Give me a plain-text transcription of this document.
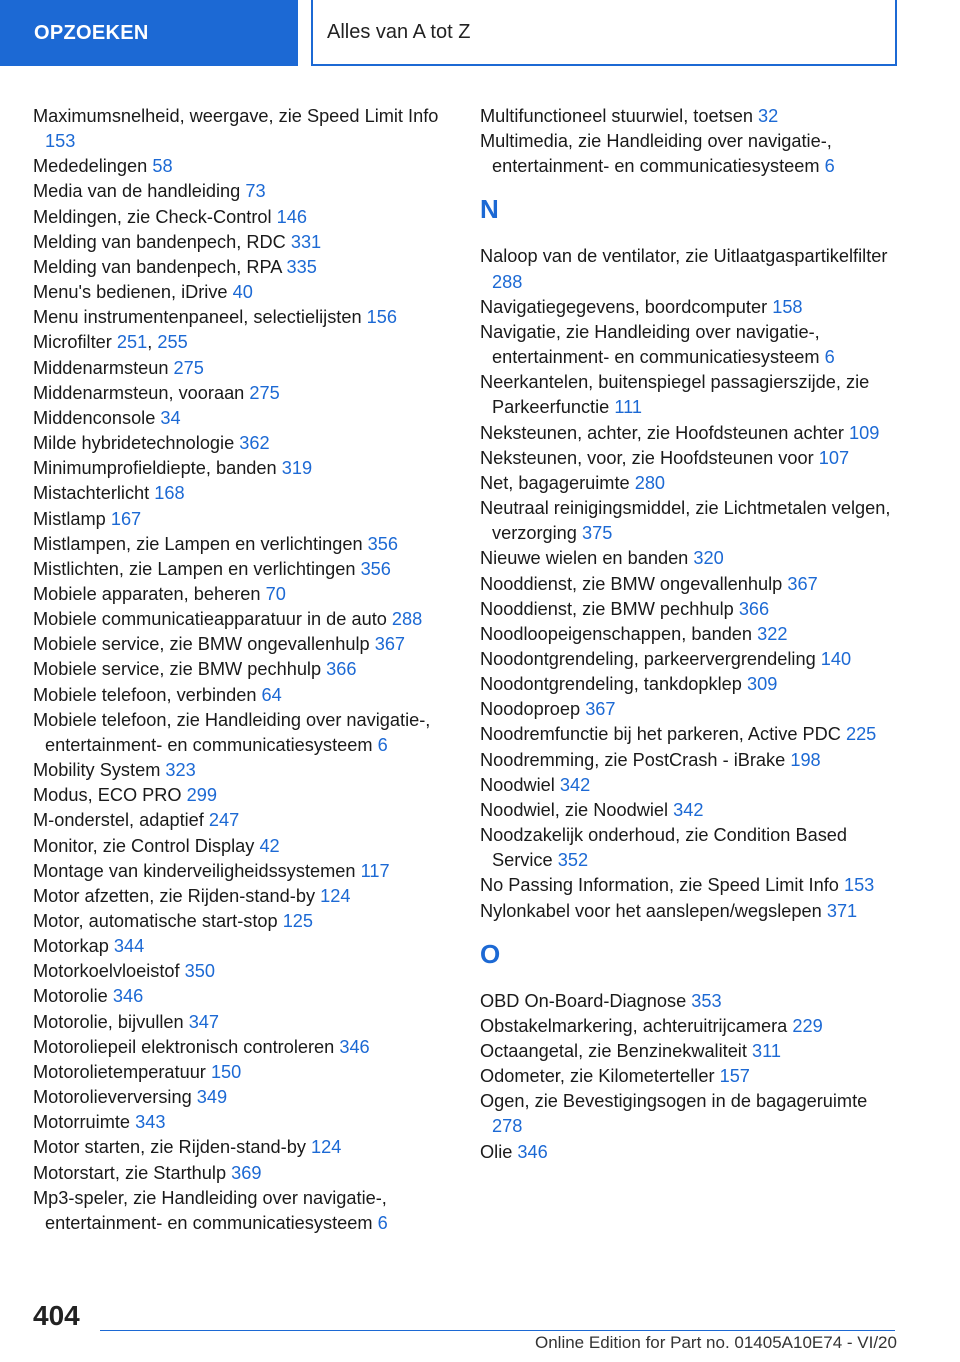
OPZOEKEN	Alles van A tot Z
Maximumsnelheid, weergave, zie Speed Limit Info 153
Mededelingen 58
Media van de handleiding 73
Meldingen, zie Check-Control 146
Melding van bandenpech, RDC 331
Melding van bandenpech, RPA 335
Menu's bedienen, iDrive 40
Menu instrumentenpaneel, selectielijsten 156
Microfilter 251, 255
Middenarmsteun 275
Middenarmsteun, vooraan 275
Middenconsole 34
Milde hybridetechnologie 362
Minimumprofieldiepte, banden 319
Mistachterlicht 168
Mistlamp 167
Mistlampen, zie Lampen en verlichtingen 356
Mistlichten, zie Lampen en verlichtingen 356
Mobiele apparaten, beheren 70
Mobiele communicatieapparatuur in de auto 288
Mobiele service, zie BMW ongevallenhulp 367
Mobiele service, zie BMW pechhulp 366
Mobiele telefoon, verbinden 64
Mobiele telefoon, zie Handleiding over navigatie-, entertainment- en communicatiesysteem 6
Mobility System 323
Modus, ECO PRO 299
M-onderstel, adaptief 247
Monitor, zie Control Display 42
Montage van kinderveiligheidssystemen 117
Motor afzetten, zie Rijden-stand-by 124
Motor, automatische start-stop 125
Motorkap 344
Motorkoelvloeistof 350
Motorolie 346
Motorolie, bijvullen 347
Motoroliepeil elektronisch controleren 346
Motorolietemperatuur 150
Motorolieverversing 349
Motorruimte 343
Motor starten, zie Rijden-stand-by 124
Motorstart, zie Starthulp 369
Mp3-speler, zie Handleiding over navigatie-, entertainment- en communicatiesysteem 6
Multifunctioneel stuurwiel, toetsen 32
Multimedia, zie Handleiding over navigatie-, entertainment- en communicatiesysteem 6
N
Naloop van de ventilator, zie Uitlaatgaspartikelfilter 288
Navigatiegegevens, boordcomputer 158
Navigatie, zie Handleiding over navigatie-, entertainment- en communicatiesysteem 6
Neerkantelen, buitenspiegel passagierszijde, zie Parkeerfunctie 111
Neksteunen, achter, zie Hoofdsteunen achter 109
Neksteunen, voor, zie Hoofdsteunen voor 107
Net, bagageruimte 280
Neutraal reinigingsmiddel, zie Lichtmetalen velgen, verzorging 375
Nieuwe wielen en banden 320
Nooddienst, zie BMW ongevallenhulp 367
Nooddienst, zie BMW pechhulp 366
Noodloopeigenschappen, banden 322
Noodontgrendeling, parkeervergrendeling 140
Noodontgrendeling, tankdopklep 309
Noodoproep 367
Noodremfunctie bij het parkeren, Active PDC 225
Noodremming, zie PostCrash - iBrake 198
Noodwiel 342
Noodwiel, zie Noodwiel 342
Noodzakelijk onderhoud, zie Condition Based Service 352
No Passing Information, zie Speed Limit Info 153
Nylonkabel voor het aanslepen/wegslepen 371
O
OBD On-Board-Diagnose 353
Obstakelmarkering, achteruitrijcamera 229
Octaangetal, zie Benzinekwaliteit 311
Odometer, zie Kilometerteller 157
Ogen, zie Bevestigingsogen in de bagageruimte 278
Olie 346
404
Online Edition for Part no. 01405A10E74 - VI/20
